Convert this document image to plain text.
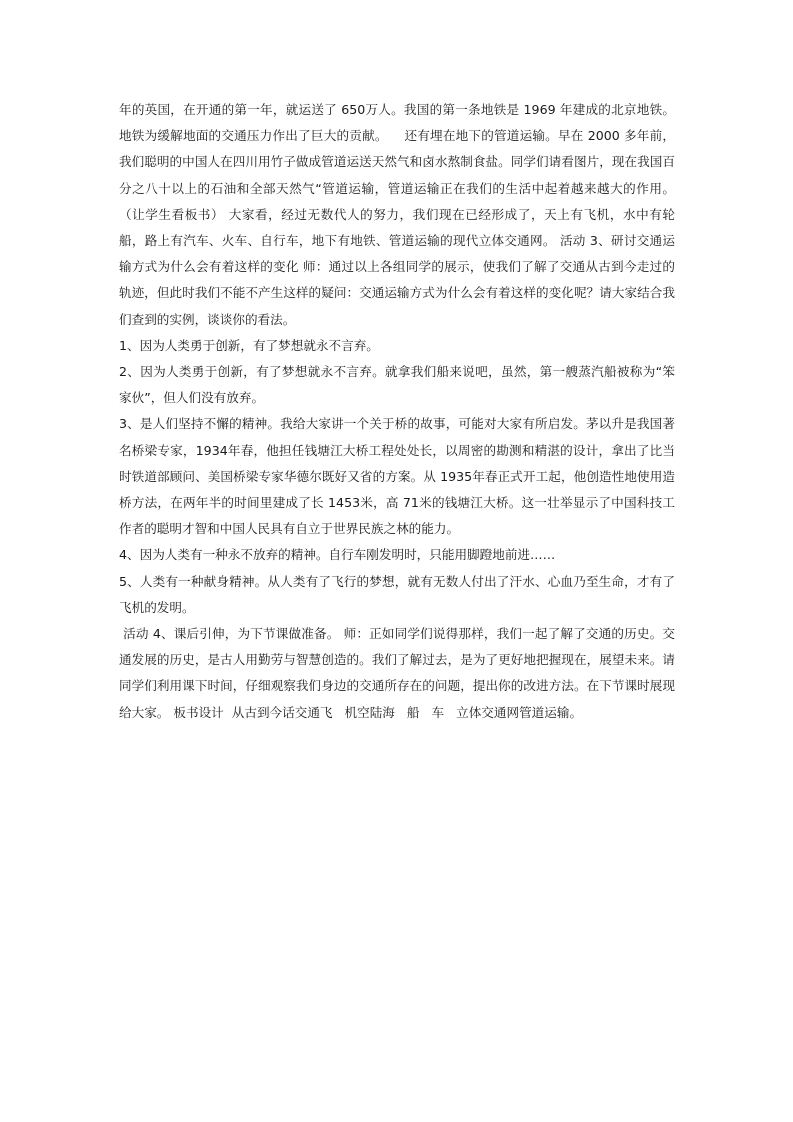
年的英国，在开通的第一年，就运送了 650万人。我国的第一条地铁是 1969 年建成的北京地铁。地铁为缓解地面的交通压力作出了巨大的贡献。    还有埋在地下的管道运输。早在 2000 多年前，我们聪明的中国人在四川用竹子做成管道运送天然气和卤水熬制食盐。同学们请看图片，现在我国百分之八十以上的石油和全部天然气“管道运输，管道运输正在我们的生活中起着越来越大的作用。    （让学生看板书） 大家看，经过无数代人的努力，我们现在已经形成了，天上有飞机，水中有轮船，路上有汽车、火车、自行车，地下有地铁、管道运输的现代立体交通网。 活动 3、研讨交通运输方式为什么会有着这样的变化 师：通过以上各组同学的展示，使我们了解了交通从古到今走过的轨迹，但此时我们不能不产生这样的疑问：交通运输方式为什么会有着这样的变化呢？请大家结合我们查到的实例，谈谈你的看法。

1、因为人类勇于创新，有了梦想就永不言弃。

2、因为人类勇于创新，有了梦想就永不言弃。就拿我们船来说吧，虽然，第一艘蒸汽船被称为“笨家伙”，但人们没有放弃。

3、是人们坚持不懈的精神。我给大家讲一个关于桥的故事，可能对大家有所启发。茅以升是我国著名桥梁专家，1934年春，他担任钱塘江大桥工程处处长，以周密的勘测和精湛的设计，拿出了比当时铁道部顾问、美国桥梁专家华德尔既好又省的方案。从 1935年春正式开工起，他创造性地使用造桥方法，在两年半的时间里建成了长 1453米，高 71米的钱塘江大桥。这一壮举显示了中国科技工作者的聪明才智和中国人民具有自立于世界民族之林的能力。

4、因为人类有一种永不放弃的精神。自行车刚发明时，只能用脚蹬地前进……

5、人类有一种献身精神。从人类有了飞行的梦想，就有无数人付出了汗水、心血乃至生命，才有了飞机的发明。

活动 4、课后引伸，为下节课做准备。 师：正如同学们说得那样，我们一起了解了交通的历史。交通发展的历史，是古人用勤劳与智慧创造的。我们了解过去，是为了更好地把握现在，展望未来。请同学们利用课下时间，仔细观察我们身边的交通所存在的问题，提出你的改进方法。在下节课时展现给大家。 板书设计  从古到今话交通飞   机空陆海   船   车   立体交通网管道运输。
